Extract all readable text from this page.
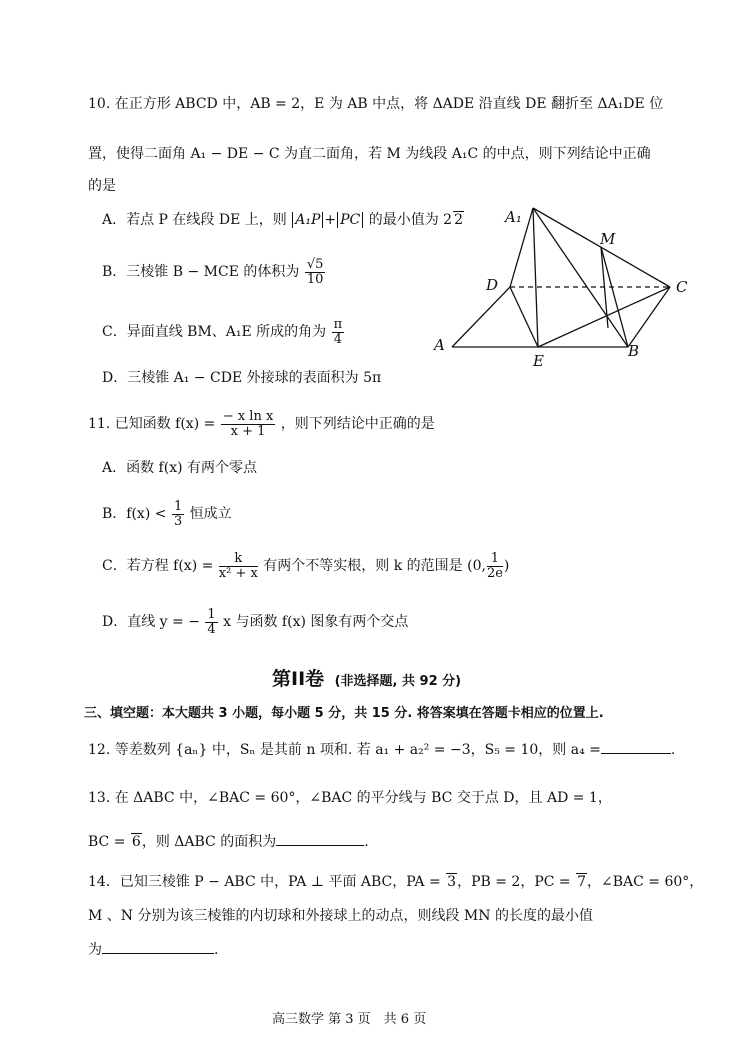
10. 在正方形 ABCD 中，AB = 2，E 为 AB 中点，将 ΔADE 沿直线 DE 翻折至 ΔA₁DE 位
置，使得二面角 A₁ − DE − C 为直二面角，若 M 为线段 A₁C 的中点，则下列结论中正确
的是
A．若点 P 在线段 DE 上，则 A₁P + PC 的最小值为 2 2
B．三棱锥 B − MCE 的体积为 $\frac{√5}{10}$
C．异面直线 BM、A₁E 所成的角为 $\frac{\pi}{4}$
D．三棱锥 A₁ − CDE 外接球的表面积为 5π
A₁
M
D	C
A
E
B
11. 已知函数 $f(x) = \frac{\text{− x ln x}}{x + 1}$ ，则下列结论中正确的是
A．函数 f(x) 有两个零点
B．$f(x) < \frac{1}{3}$ 恒成立
C．若方程 $f(x) = \frac{k}{\text{x² + x}}$ 有两个不等实根，则 k 的范围是 (0, $\frac{1}{2e}$ )
D．直线 y = − $\frac{1}{4}$ x 与函数 f(x) 图象有两个交点
第II卷 (非选择题, 共 92 分)
三、填空题：本大题共 3 小题，每小题 5 分，共 15 分. 将答案填在答题卡相应的位置上.
12. 等差数列 {aₙ} 中，Sₙ 是其前 n 项和. 若 a₁ + a₂² = −3，S₅ = 10，则 a₄ =	.
13. 在 ΔABC 中，∠BAC = 60°，∠BAC 的平分线与 BC 交于点 D，且 AD = 1，
BC = 6，则 ΔABC 的面积为	.
14．已知三棱锥 P − ABC 中，PA ⊥ 平面 ABC，PA = 3，PB = 2，PC = 7，∠BAC = 60°，
M 、N 分别为该三棱锥的内切球和外接球上的动点，则线段 MN 的长度的最小值
为	.
高三数学 第 3 页　共 6 页
